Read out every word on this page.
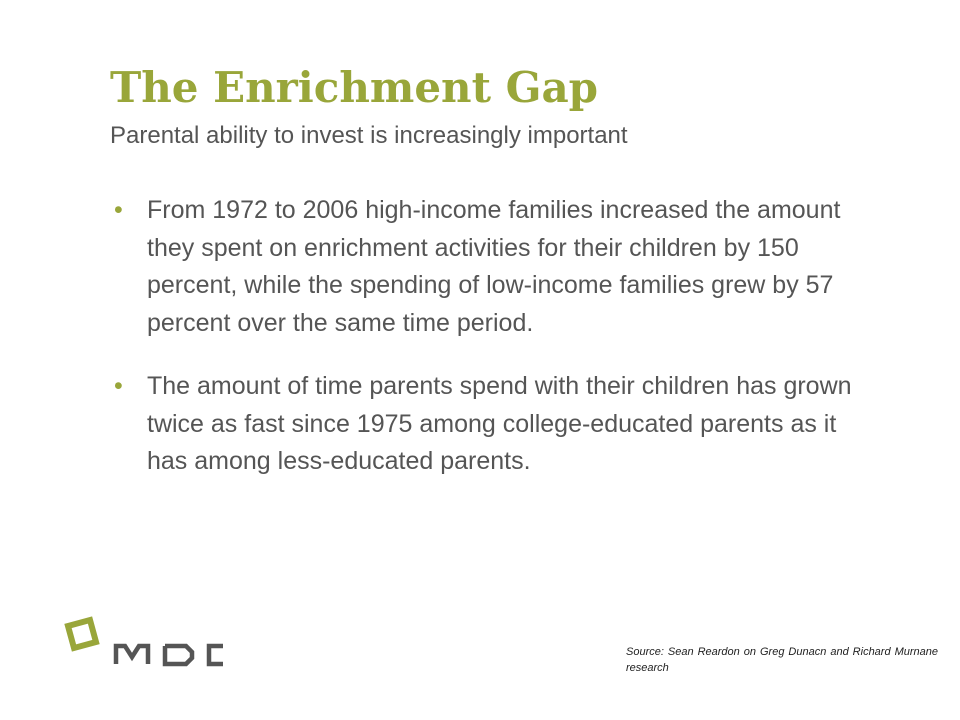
The Enrichment Gap

Parental ability to invest is increasingly important

• From 1972 to 2006 high-income families increased the amount they spent on enrichment activities for their children by 150 percent, while the spending of low-income families grew by 57 percent over the same time period.
• The amount of time parents spend with their children has grown twice as fast since 1975 among college-educated parents as it has among less-educated parents.

Source: Sean Reardon on Greg Dunacn and Richard Murnane research
